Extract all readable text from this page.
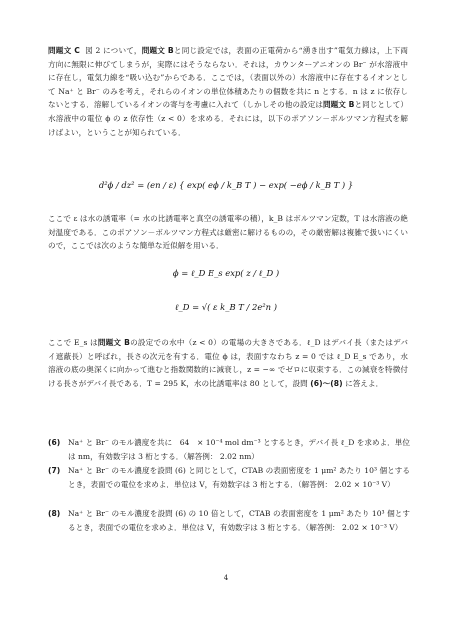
問題文 C 図 2 について，問題文 Bと同じ設定では，表面の正電荷から“湧き出す”電気力線は，上下両方向に無限に伸びてしまうが，実際にはそうならない．それは，カウンターアニオンの Br⁻ が水溶液中に存在し，電気力線を“吸い込む”からである．ここでは，（表面以外の）水溶液中に存在するイオンとして Na⁺ と Br⁻ のみを考え，それらのイオンの単位体積あたりの個数を共に n とする．n は z に依存しないとする．溶解しているイオンの寄与を考慮に入れて（しかしその他の設定は問題文 Bと同じとして）水溶液中の電位 ϕ の z 依存性（z < 0）を求める．それには，以下のポアソン－ボルツマン方程式を解けばよい，ということが知られている．
d²ϕ / dz² = (en / ε) { exp( eϕ / k_B T ) − exp( −eϕ / k_B T ) }
ここで ε は水の誘電率（= 水の比誘電率と真空の誘電率の積），k_B はボルツマン定数，T は水溶液の絶対温度である．このポアソン－ボルツマン方程式は厳密に解けるものの，その厳密解は複雑で扱いにくいので，ここでは次のような簡単な近似解を用いる．
ϕ = ℓ_D E_s exp( z / ℓ_D )
ℓ_D = √( ε k_B T / 2e²n )
ここで E_s は問題文 Bの設定での水中（z < 0）の電場の大きさである．ℓ_D はデバイ長（またはデバイ遮蔽長）と呼ばれ，長さの次元を有する．電位 ϕ は，表面すなわち z = 0 では ℓ_D E_s であり，水溶液の底の奥深くに向かって進むと指数関数的に減衰し，z = −∞ でゼロに収束する．この減衰を特徴付ける長さがデバイ長である．T = 295 K，水の比誘電率は 80 として，設問 (6)～(8) に答えよ．
(6) Na⁺ と Br⁻ のモル濃度を共に　64　× 10⁻⁴ mol dm⁻³ とするとき，デバイ長 ℓ_D を求めよ．単位は nm，有効数字は 3 桁とする．（解答例： 2.02 nm）
(7) Na⁺ と Br⁻ のモル濃度を設問 (6) と同じとして，CTAB の表面密度を 1 μm² あたり 10³ 個とするとき，表面での電位を求めよ．単位は V，有効数字は 3 桁とする．（解答例： 2.02 × 10⁻³ V）
(8) Na⁺ と Br⁻ のモル濃度を設問 (6) の 10 倍として，CTAB の表面密度を 1 μm² あたり 10³ 個とするとき，表面での電位を求めよ．単位は V，有効数字は 3 桁とする．（解答例： 2.02 × 10⁻³ V）
4
